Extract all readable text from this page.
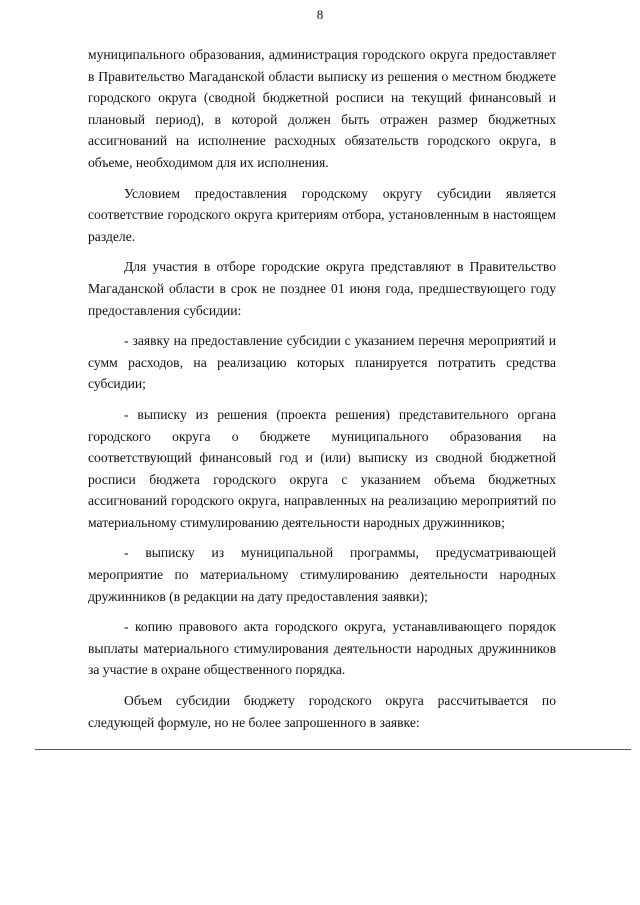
8

муниципального образования, администрация городского округа предоставляет в Правительство Магаданской области выписку из решения о местном бюджете городского округа (сводной бюджетной росписи на текущий финансовый и плановый период), в которой должен быть отражен размер бюджетных ассигнований на исполнение расходных обязательств городского округа, в объеме, необходимом для их исполнения.

Условием предоставления городскому округу субсидии является соответствие городского округа критериям отбора, установленным в настоящем разделе.

Для участия в отборе городские округа представляют в Правительство Магаданской области в срок не позднее 01 июня года, предшествующего году предоставления субсидии:

- заявку на предоставление субсидии с указанием перечня мероприятий и сумм расходов, на реализацию которых планируется потратить средства субсидии;

- выписку из решения (проекта решения) представительного органа городского округа о бюджете муниципального образования на соответствующий финансовый год и (или) выписку из сводной бюджетной росписи бюджета городского округа с указанием объема бюджетных ассигнований городского округа, направленных на реализацию мероприятий по материальному стимулированию деятельности народных дружинников;

- выписку из муниципальной программы, предусматривающей мероприятие по материальному стимулированию деятельности народных дружинников (в редакции на дату предоставления заявки);

- копию правового акта городского округа, устанавливающего порядок выплаты материального стимулирования деятельности народных дружинников за участие в охране общественного порядка.

Объем субсидии бюджету городского округа рассчитывается по следующей формуле, но не более запрошенного в заявке:
